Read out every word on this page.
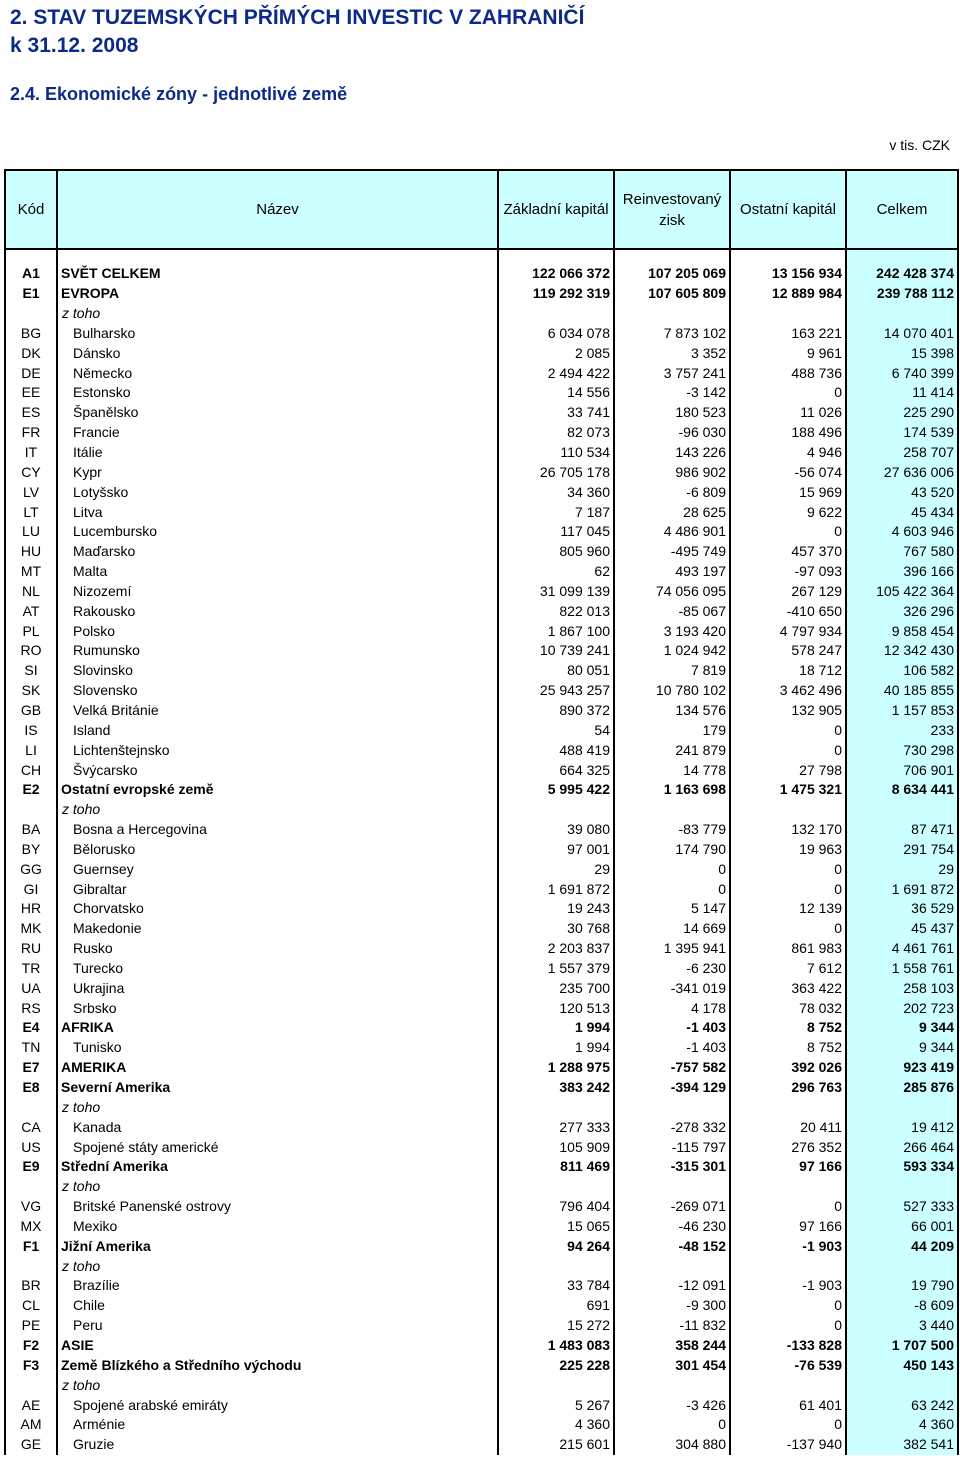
2. STAV TUZEMSKÝCH PŘÍMÝCH INVESTIC V ZAHRANIČÍ
k 31.12. 2008
2.4. Ekonomické zóny - jednotlivé země
v tis. CZK
Kód	Název	Základní kapitál	Reinvestovaný zisk	Ostatní kapitál	Celkem

A1	SVĚT CELKEM	122 066 372	107 205 069	13 156 934	242 428 374
E1	EVROPA	119 292 319	107 605 809	12 889 984	239 788 112
	z toho				
BG	Bulharsko	6 034 078	7 873 102	163 221	14 070 401
DK	Dánsko	2 085	3 352	9 961	15 398
DE	Německo	2 494 422	3 757 241	488 736	6 740 399
EE	Estonsko	14 556	-3 142	0	11 414
ES	Španělsko	33 741	180 523	11 026	225 290
FR	Francie	82 073	-96 030	188 496	174 539
IT	Itálie	110 534	143 226	4 946	258 707
CY	Kypr	26 705 178	986 902	-56 074	27 636 006
LV	Lotyšsko	34 360	-6 809	15 969	43 520
LT	Litva	7 187	28 625	9 622	45 434
LU	Lucembursko	117 045	4 486 901	0	4 603 946
HU	Maďarsko	805 960	-495 749	457 370	767 580
MT	Malta	62	493 197	-97 093	396 166
NL	Nizozemí	31 099 139	74 056 095	267 129	105 422 364
AT	Rakousko	822 013	-85 067	-410 650	326 296
PL	Polsko	1 867 100	3 193 420	4 797 934	9 858 454
RO	Rumunsko	10 739 241	1 024 942	578 247	12 342 430
SI	Slovinsko	80 051	7 819	18 712	106 582
SK	Slovensko	25 943 257	10 780 102	3 462 496	40 185 855
GB	Velká Británie	890 372	134 576	132 905	1 157 853
IS	Island	54	179	0	233
LI	Lichtenštejnsko	488 419	241 879	0	730 298
CH	Švýcarsko	664 325	14 778	27 798	706 901
E2	Ostatní evropské země	5 995 422	1 163 698	1 475 321	8 634 441
	z toho				
BA	Bosna a Hercegovina	39 080	-83 779	132 170	87 471
BY	Bělorusko	97 001	174 790	19 963	291 754
GG	Guernsey	29	0	0	29
GI	Gibraltar	1 691 872	0	0	1 691 872
HR	Chorvatsko	19 243	5 147	12 139	36 529
MK	Makedonie	30 768	14 669	0	45 437
RU	Rusko	2 203 837	1 395 941	861 983	4 461 761
TR	Turecko	1 557 379	-6 230	7 612	1 558 761
UA	Ukrajina	235 700	-341 019	363 422	258 103
RS	Srbsko	120 513	4 178	78 032	202 723
E4	AFRIKA	1 994	-1 403	8 752	9 344
TN	Tunisko	1 994	-1 403	8 752	9 344
E7	AMERIKA	1 288 975	-757 582	392 026	923 419
E8	Severní Amerika	383 242	-394 129	296 763	285 876
	z toho				
CA	Kanada	277 333	-278 332	20 411	19 412
US	Spojené státy americké	105 909	-115 797	276 352	266 464
E9	Střední Amerika	811 469	-315 301	97 166	593 334
	z toho				
VG	Britské Panenské ostrovy	796 404	-269 071	0	527 333
MX	Mexiko	15 065	-46 230	97 166	66 001
F1	Jižní Amerika	94 264	-48 152	-1 903	44 209
	z toho				
BR	Brazílie	33 784	-12 091	-1 903	19 790
CL	Chile	691	-9 300	0	-8 609
PE	Peru	15 272	-11 832	0	3 440
F2	ASIE	1 483 083	358 244	-133 828	1 707 500
F3	Země Blízkého a Středního východu	225 228	301 454	-76 539	450 143
	z toho				
AE	Spojené arabské emiráty	5 267	-3 426	61 401	63 242
AM	Arménie	4 360	0	0	4 360
GE	Gruzie	215 601	304 880	-137 940	382 541
